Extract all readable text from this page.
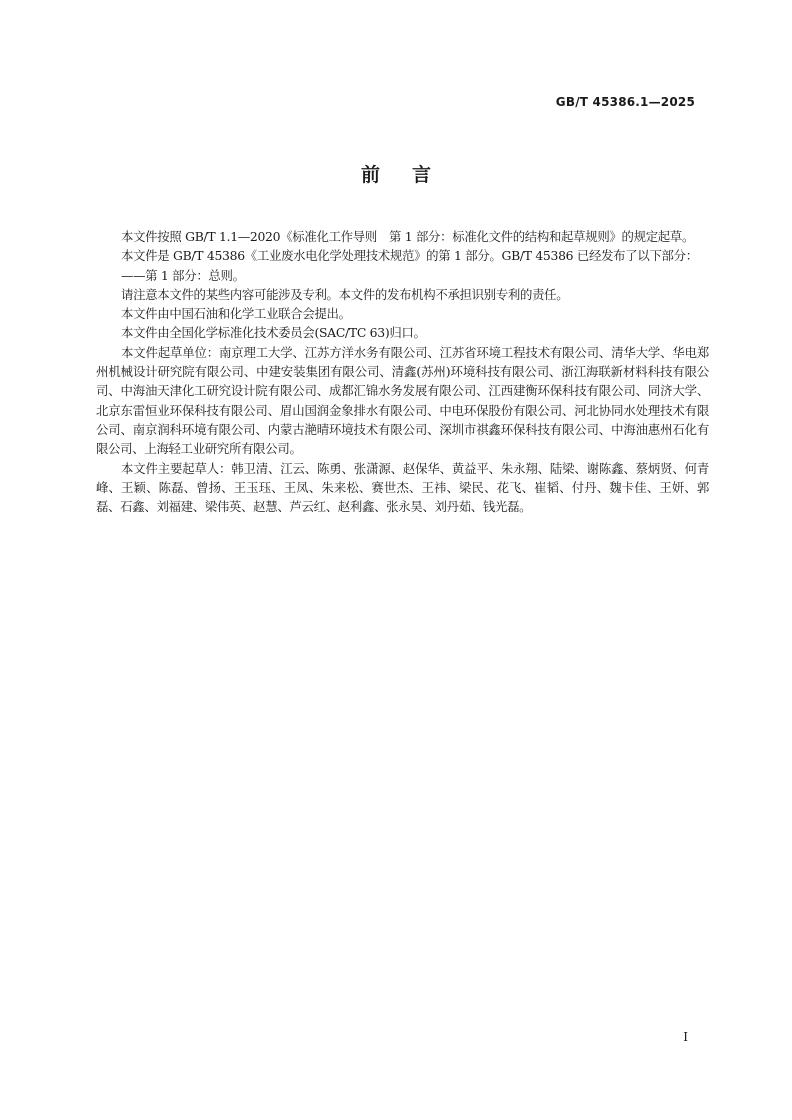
GB/T 45386.1—2025
前言

本文件按照 GB/T 1.1—2020《标准化工作导则　第 1 部分：标准化文件的结构和起草规则》的规定起草。

本文件是 GB/T 45386《工业废水电化学处理技术规范》的第 1 部分。GB/T 45386 已经发布了以下部分：

——第 1 部分：总则。

请注意本文件的某些内容可能涉及专利。本文件的发布机构不承担识别专利的责任。

本文件由中国石油和化学工业联合会提出。

本文件由全国化学标准化技术委员会(SAC/TC 63)归口。

本文件起草单位：南京理工大学、江苏方洋水务有限公司、江苏省环境工程技术有限公司、清华大学、华电郑州机械设计研究院有限公司、中建安装集团有限公司、清鑫(苏州)环境科技有限公司、浙江海联新材料科技有限公司、中海油天津化工研究设计院有限公司、成都汇锦水务发展有限公司、江西建衡环保科技有限公司、同济大学、北京东雷恒业环保科技有限公司、眉山国润金象排水有限公司、中电环保股份有限公司、河北协同水处理技术有限公司、南京润科环境有限公司、内蒙古滟晴环境技术有限公司、深圳市祺鑫环保科技有限公司、中海油惠州石化有限公司、上海轻工业研究所有限公司。

本文件主要起草人：韩卫清、江云、陈勇、张潇源、赵保华、黄益平、朱永翔、陆梁、谢陈鑫、蔡炳贤、何青峰、王颖、陈磊、曾扬、王玉珏、王凤、朱来松、赛世杰、王祎、梁民、花飞、崔韬、付丹、魏卡佳、王妍、郭磊、石鑫、刘福建、梁伟英、赵慧、芦云红、赵利鑫、张永昊、刘丹茹、钱光磊。

I
